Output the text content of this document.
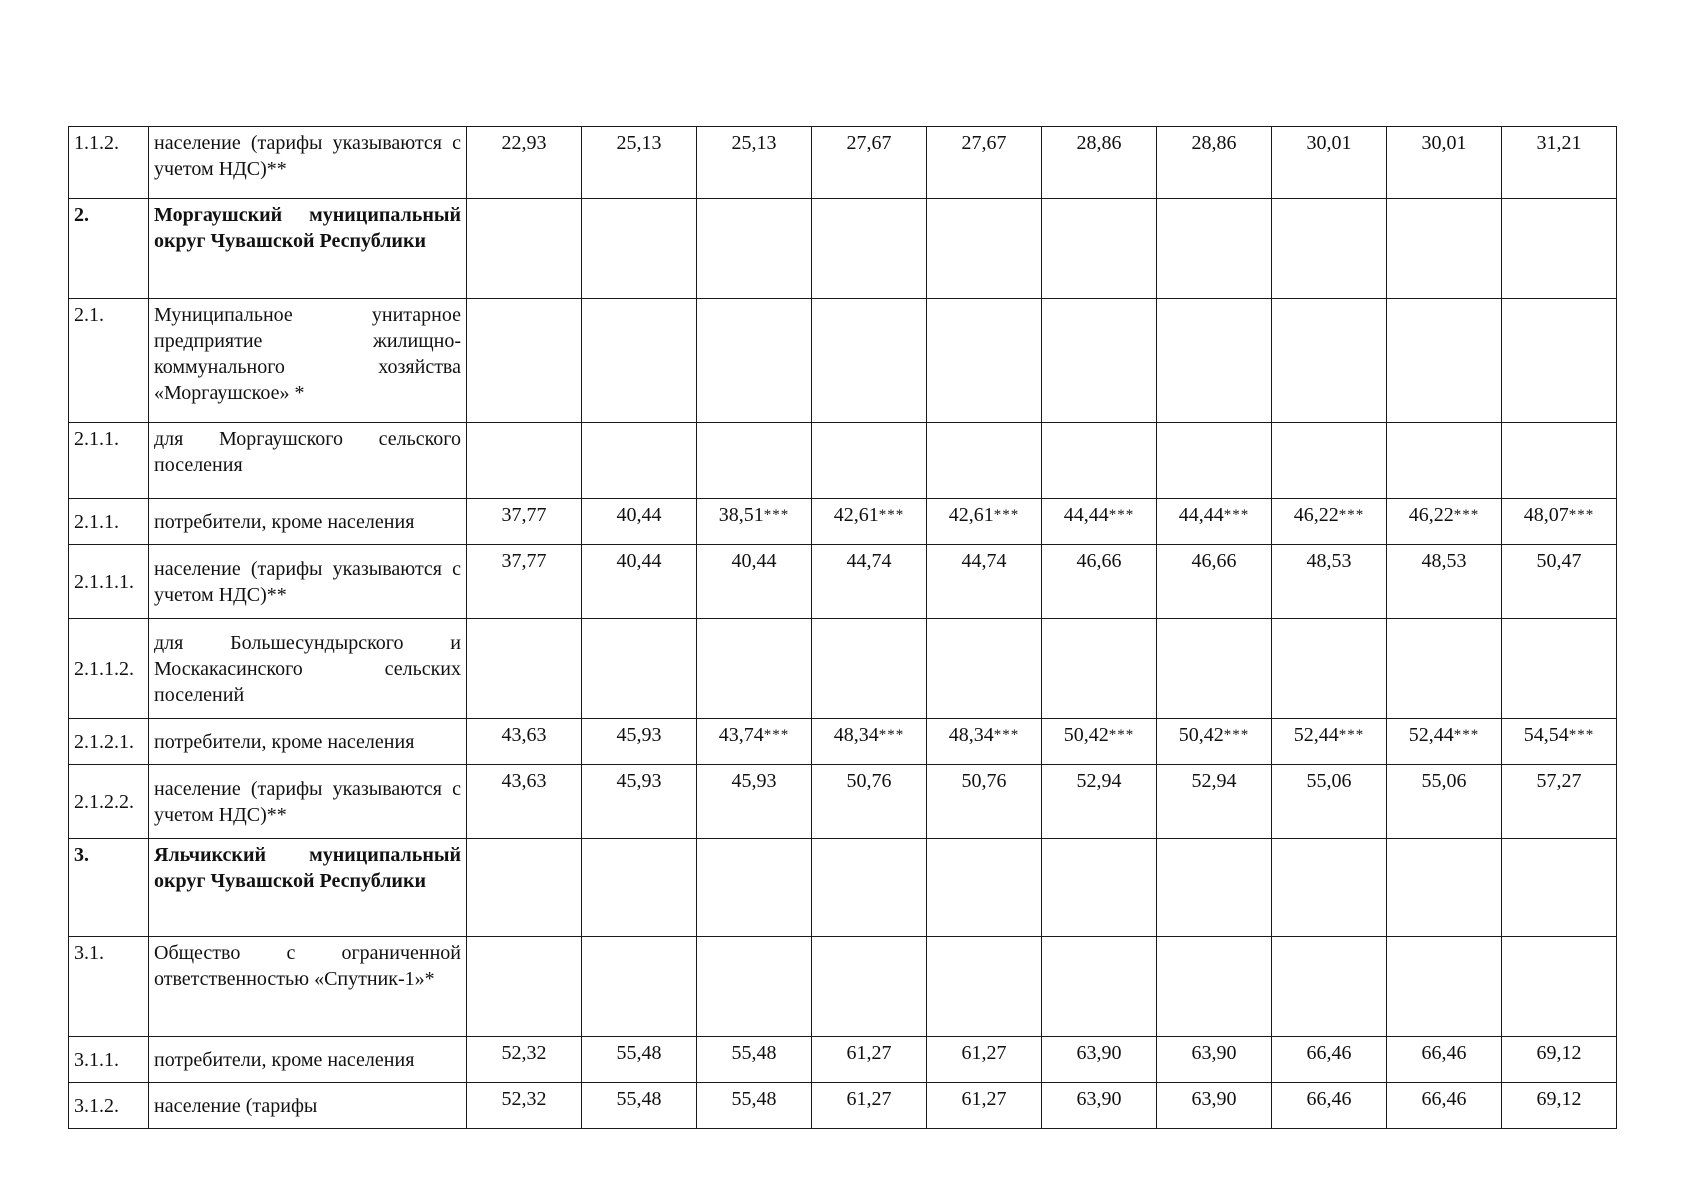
1.1.2.	население (тарифы указываются с учетом НДС)**	22,93	25,13	25,13	27,67	27,67	28,86	28,86	30,01	30,01	31,21
2.	Моргаушский муниципальный округ Чувашской Республики										
2.1.	Муниципальное унитарное предприятие жилищно-коммунального хозяйства «Моргаушское» *										
2.1.1.	для Моргаушского сельского поселения										
2.1.1.	потребители, кроме населения	37,77	40,44	38,51***	42,61***	42,61***	44,44***	44,44***	46,22***	46,22***	48,07***
2.1.1.1.	население (тарифы указываются с учетом НДС)**	37,77	40,44	40,44	44,74	44,74	46,66	46,66	48,53	48,53	50,47
2.1.1.2.	для Большесундырского и Москакасинского сельских поселений										
2.1.2.1.	потребители, кроме населения	43,63	45,93	43,74***	48,34***	48,34***	50,42***	50,42***	52,44***	52,44***	54,54***
2.1.2.2.	население (тарифы указываются с учетом НДС)**	43,63	45,93	45,93	50,76	50,76	52,94	52,94	55,06	55,06	57,27
3.	Яльчикский муниципальный округ Чувашской Республики										
3.1.	Общество с ограниченной ответственностью «Спутник-1»*										
3.1.1.	потребители, кроме населения	52,32	55,48	55,48	61,27	61,27	63,90	63,90	66,46	66,46	69,12
3.1.2.	население (тарифы	52,32	55,48	55,48	61,27	61,27	63,90	63,90	66,46	66,46	69,12
